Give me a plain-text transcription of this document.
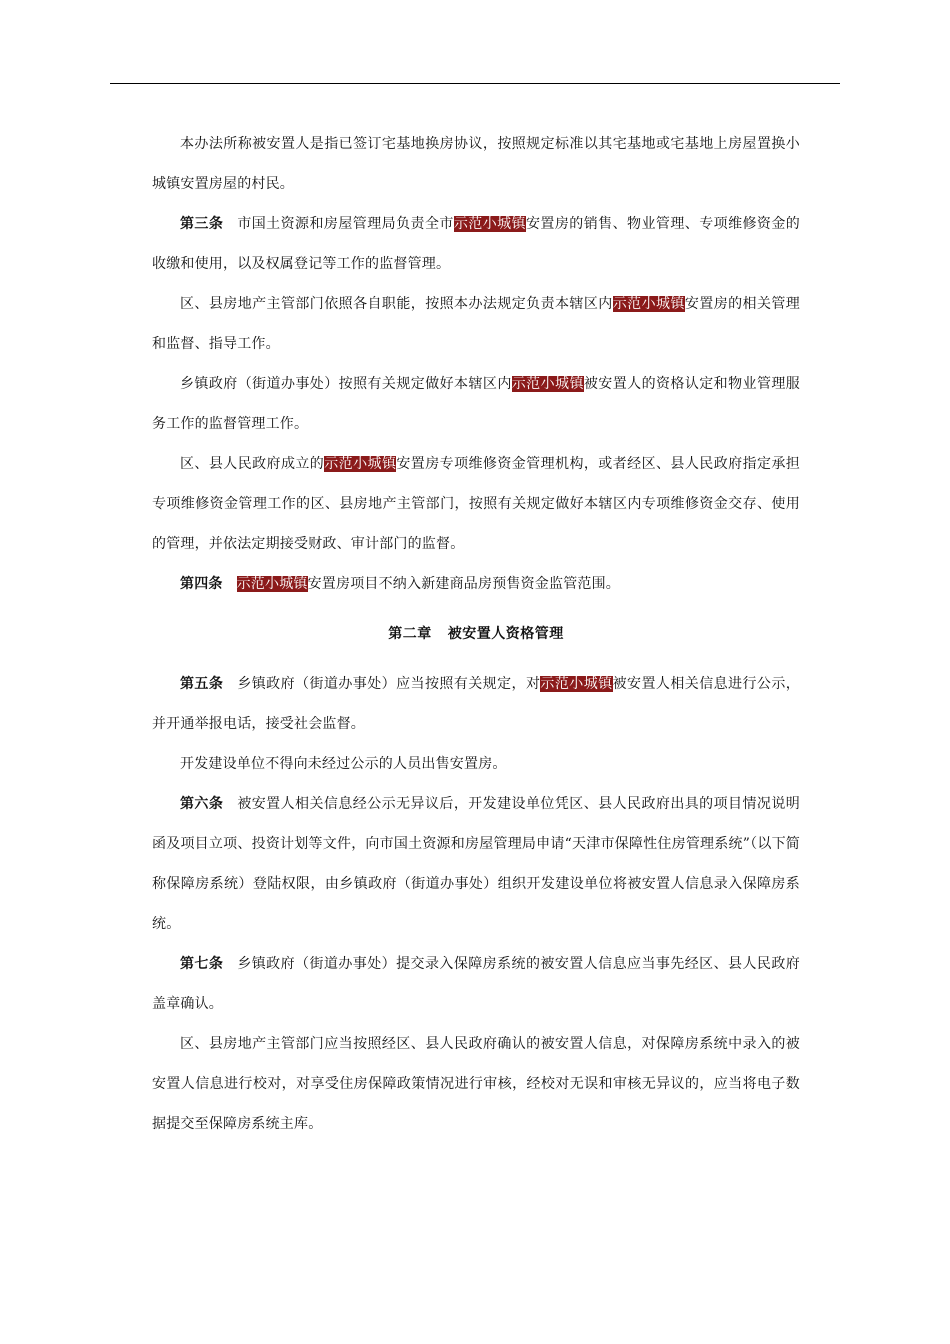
本办法所称被安置人是指已签订宅基地换房协议，按照规定标准以其宅基地或宅基地上房屋置换小城镇安置房屋的村民。

第三条 市国土资源和房屋管理局负责全市示范小城镇安置房的销售、物业管理、专项维修资金的收缴和使用，以及权属登记等工作的监督管理。

区、县房地产主管部门依照各自职能，按照本办法规定负责本辖区内示范小城镇安置房的相关管理和监督、指导工作。

乡镇政府（街道办事处）按照有关规定做好本辖区内示范小城镇被安置人的资格认定和物业管理服务工作的监督管理工作。

区、县人民政府成立的示范小城镇安置房专项维修资金管理机构，或者经区、县人民政府指定承担专项维修资金管理工作的区、县房地产主管部门，按照有关规定做好本辖区内专项维修资金交存、使用的管理，并依法定期接受财政、审计部门的监督。

第四条 示范小城镇安置房项目不纳入新建商品房预售资金监管范围。

第二章 被安置人资格管理

第五条 乡镇政府（街道办事处）应当按照有关规定，对示范小城镇被安置人相关信息进行公示，并开通举报电话，接受社会监督。

开发建设单位不得向未经过公示的人员出售安置房。

第六条 被安置人相关信息经公示无异议后，开发建设单位凭区、县人民政府出具的项目情况说明函及项目立项、投资计划等文件，向市国土资源和房屋管理局申请“天津市保障性住房管理系统”（以下简称保障房系统）登陆权限，由乡镇政府（街道办事处）组织开发建设单位将被安置人信息录入保障房系统。

第七条 乡镇政府（街道办事处）提交录入保障房系统的被安置人信息应当事先经区、县人民政府盖章确认。

区、县房地产主管部门应当按照经区、县人民政府确认的被安置人信息，对保障房系统中录入的被安置人信息进行校对，对享受住房保障政策情况进行审核，经校对无误和审核无异议的，应当将电子数据提交至保障房系统主库。
